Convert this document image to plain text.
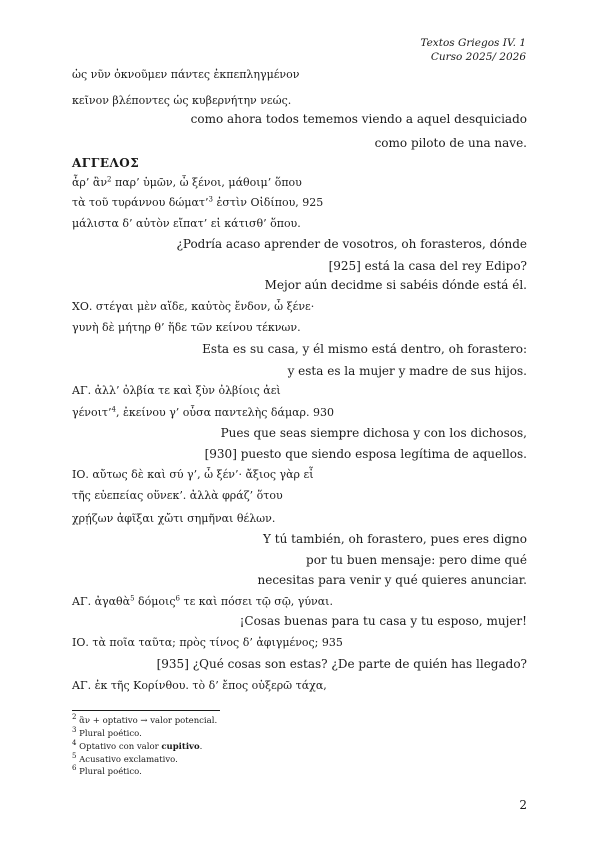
Textos Griegos IV. 1
Curso 2025/ 2026
ὡς νῦν ὀκνοῦμεν πάντες ἐκπεπληγμένον
κεῖνον βλέποντες ὡς κυβερνήτην νεώς.
como ahora todos tememos viendo a aquel desquiciado
como piloto de una nave.
ΑΓΓΕΛΟΣ
ἆρ’ ἂν$^2$ παρ’ ὑμῶν, ὦ ξένοι, μάθοιμ’ ὅπου
τὰ τοῦ τυράννου δώματ’$^3$ ἐστὶν Οἰδίπου, 925
μάλιστα δ’ αὐτὸν εἴπατ’ εἰ κάτισθ’ ὅπου.
¿Podría acaso aprender de vosotros, oh forasteros, dónde
[925] está la casa del rey Edipo?
Mejor aún decidme si sabéis dónde está él.
ΧΟ. στέγαι μὲν αἵδε, καὐτὸς ἔνδον, ὦ ξένε·
γυνὴ δὲ μήτηρ θ’ ἥδε τῶν κείνου τέκνων.
Esta es su casa, y él mismo está dentro, oh forastero:
y esta es la mujer y madre de sus hijos.
ΑΓ. ἀλλ’ ὀλβία τε καὶ ξὺν ὀλβίοις ἀεὶ
γένοιτ’$^4$, ἐκείνου γ’ οὖσα παντελὴς δάμαρ. 930
Pues que seas siempre dichosa y con los dichosos,
[930] puesto que siendo esposa legítima de aquellos.
ΙΟ. αὔτως δὲ καὶ σύ γ’, ὦ ξέν’· ἄξιος γὰρ εἶ
τῆς εὐεπείας οὕνεκ’. ἀλλὰ φράζ’ ὅτου
χρῄζων ἀφῖξαι χὤτι σημῆναι θέλων.
Y tú también, oh forastero, pues eres digno
por tu buen mensaje: pero dime qué
necesitas para venir y qué quieres anunciar.
ΑΓ. ἀγαθὰ$^5$ δόμοις$^6$ τε καὶ πόσει τῷ σῷ, γύναι.
¡Cosas buenas para tu casa y tu esposo, mujer!
ΙΟ. τὰ ποῖα ταῦτα; πρὸς τίνος δ’ ἀφιγμένος; 935
[935] ¿Qué cosas son estas? ¿De parte de quién has llegado?
ΑΓ. ἐκ τῆς Κορίνθου. τὸ δ’ ἔπος οὑξερῶ τάχα,
$^2$ ἂν + optativo → valor potencial.
$^3$ Plural poético.
$^4$ Optativo con valor cupitivo.
$^5$ Acusativo exclamativo.
$^6$ Plural poético.
2
